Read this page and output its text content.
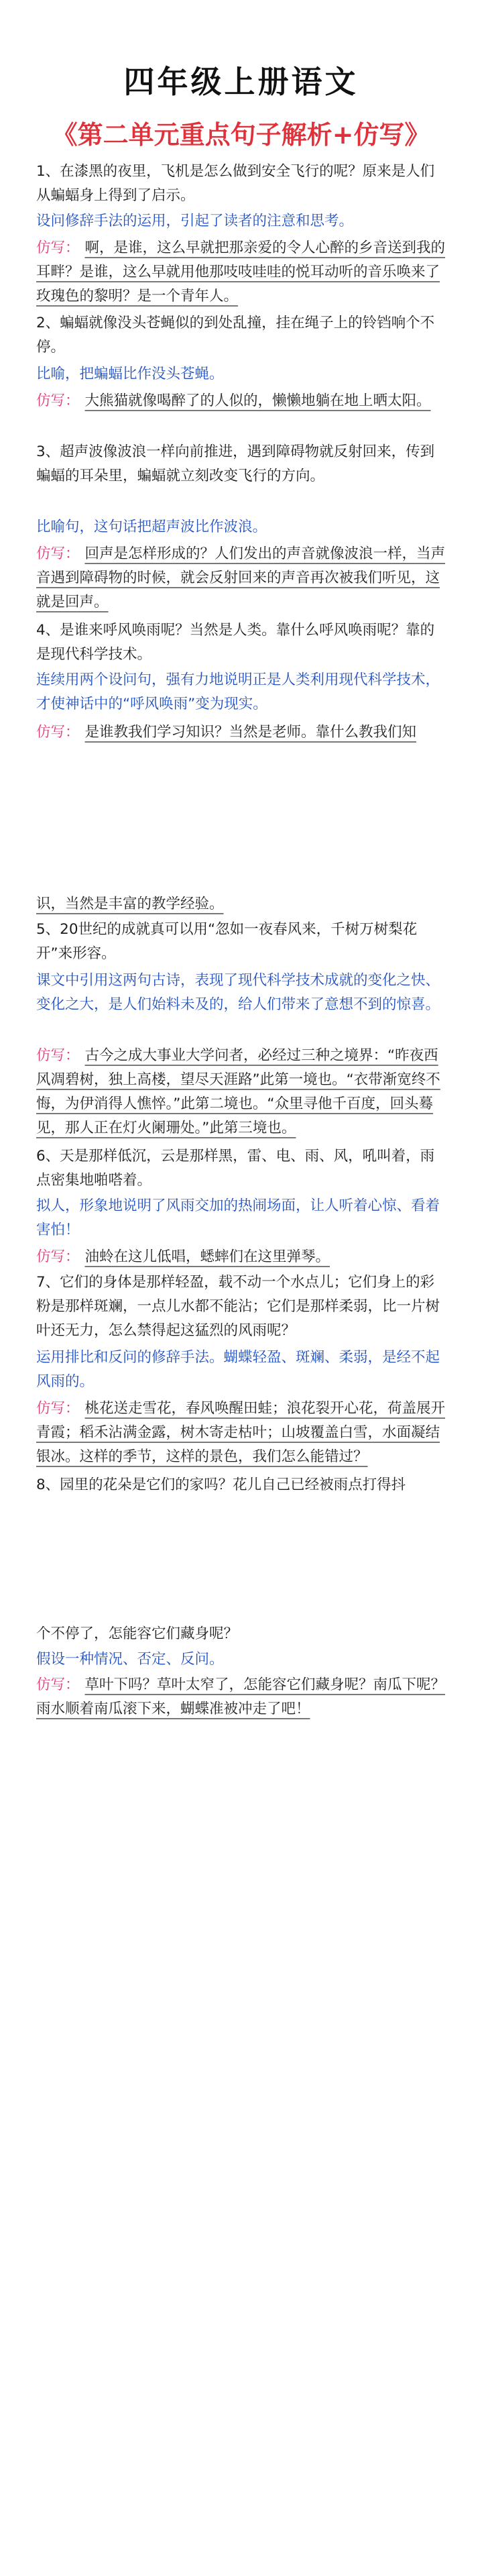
四年级上册语文
《第二单元重点句子解析+仿写》
1、在漆黑的夜里，飞机是怎么做到安全飞行的呢？原来是人们从蝙蝠身上得到了启示。
设问修辞手法的运用，引起了读者的注意和思考。
仿写： 啊，是谁，这么早就把那亲爱的令人心醉的乡音送到我的耳畔？是谁，这么早就用他那吱吱哇哇的悦耳动听的音乐唤来了玫瑰色的黎明？是一个青年人。
2、蝙蝠就像没头苍蝇似的到处乱撞，挂在绳子上的铃铛响个不停。
比喻，把蝙蝠比作没头苍蝇。
仿写： 大熊猫就像喝醉了的人似的，懒懒地躺在地上晒太阳。
3、超声波像波浪一样向前推进，遇到障碍物就反射回来，传到蝙蝠的耳朵里，蝙蝠就立刻改变飞行的方向。
比喻句，这句话把超声波比作波浪。
仿写： 回声是怎样形成的？人们发出的声音就像波浪一样，当声音遇到障碍物的时候，就会反射回来的声音再次被我们听见，这就是回声。
4、是谁来呼风唤雨呢？当然是人类。靠什么呼风唤雨呢？靠的是现代科学技术。
连续用两个设问句，强有力地说明正是人类利用现代科学技术，才使神话中的“呼风唤雨”变为现实。
仿写： 是谁教我们学习知识？当然是老师。靠什么教我们知
识，当然是丰富的教学经验。
5、20世纪的成就真可以用“忽如一夜春风来，千树万树梨花开”来形容。
课文中引用这两句古诗，表现了现代科学技术成就的变化之快、变化之大，是人们始料未及的，给人们带来了意想不到的惊喜。
仿写： 古今之成大事业大学问者，必经过三种之境界：“昨夜西风凋碧树，独上高楼，望尽天涯路”此第一境也。“衣带渐宽终不悔，为伊消得人憔悴。”此第二境也。“众里寻他千百度，回头蓦见，那人正在灯火阑珊处。”此第三境也。
6、天是那样低沉，云是那样黑，雷、电、雨、风，吼叫着，雨点密集地啪嗒着。
拟人，形象地说明了风雨交加的热闹场面，让人听着心惊、看着害怕！
仿写： 油蛉在这儿低唱，蟋蟀们在这里弹琴。
7、它们的身体是那样轻盈，载不动一个水点儿；它们身上的彩粉是那样斑斓，一点儿水都不能沾；它们是那样柔弱，比一片树叶还无力，怎么禁得起这猛烈的风雨呢？
运用排比和反问的修辞手法。蝴蝶轻盈、斑斓、柔弱，是经不起风雨的。
仿写： 桃花送走雪花，春风唤醒田蛙；浪花裂开心花，荷盖展开青霞；稻禾沾满金露，树木寄走枯叶；山坡覆盖白雪，水面凝结银冰。这样的季节，这样的景色，我们怎么能错过？
8、园里的花朵是它们的家吗？花儿自己已经被雨点打得抖
个不停了，怎能容它们藏身呢？
假设一种情况、否定、反问。
仿写： 草叶下吗？草叶太窄了，怎能容它们藏身呢？南瓜下呢？雨水顺着南瓜滚下来，蝴蝶准被冲走了吧！
